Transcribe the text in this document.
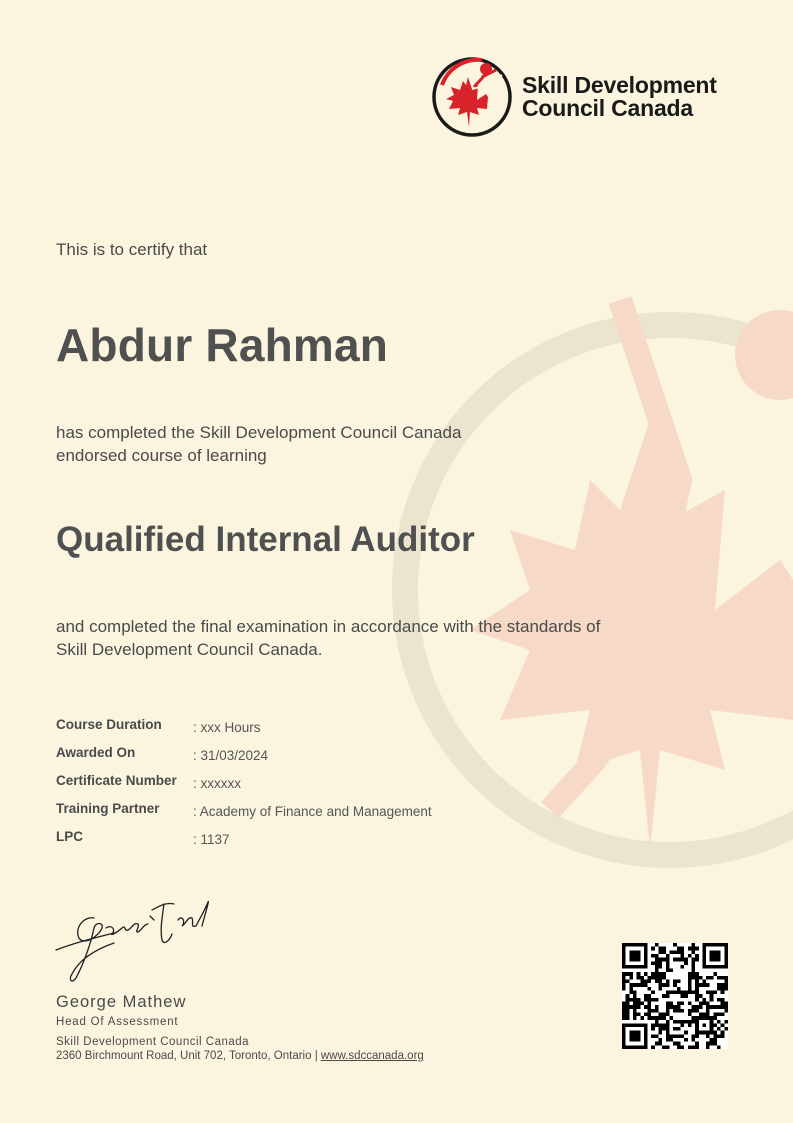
Skill Development
Council Canada
This is to certify that
Abdur Rahman
has completed the Skill Development Council Canada
endorsed course of learning
Qualified Internal Auditor
and completed the final examination in accordance with the standards of
Skill Development Council Canada.
Course Duration : xxx Hours
Awarded On	: 31/03/2024
Certificate Number : xxxxxx
Training Partner : Academy of Finance and Management
LPC	: 1137
George Mathew
Head Of Assessment
Skill Development Council Canada
2360 Birchmount Road, Unit 702, Toronto, Ontario | www.sdccanada.org
